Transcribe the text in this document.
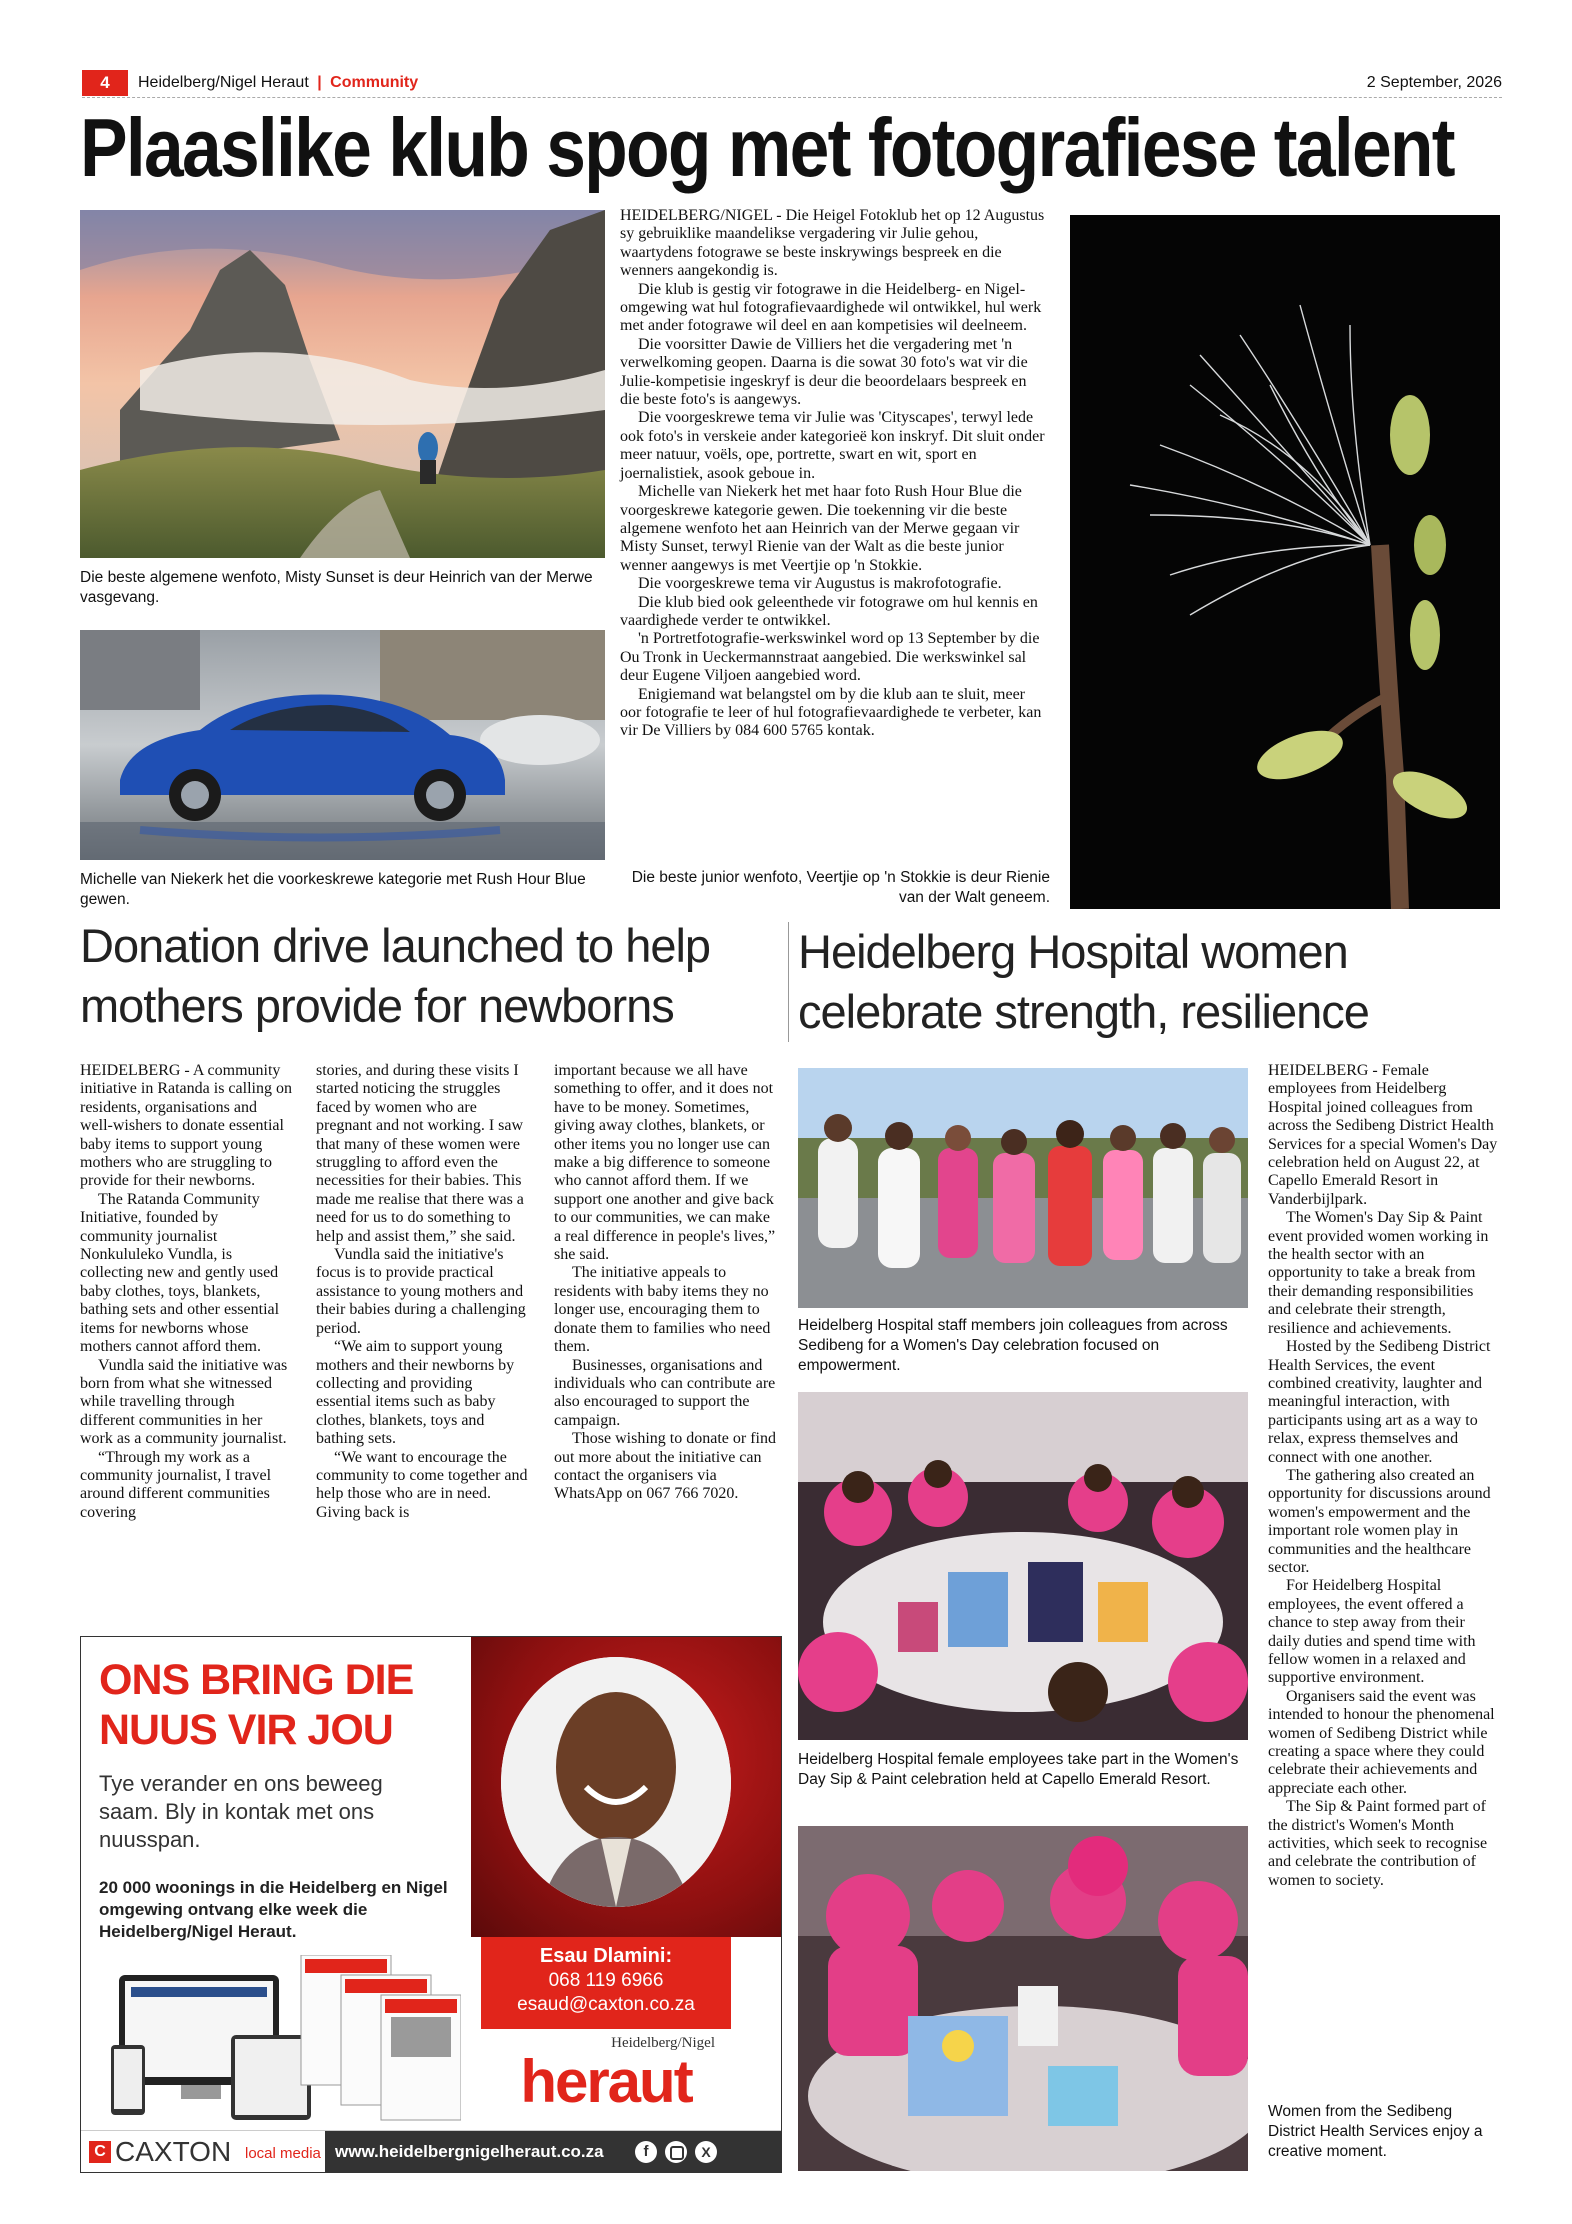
4	Heidelberg/Nigel Heraut | Community	2 September, 2026
Plaaslike klub spog met fotografiese talent
Die beste algemene wenfoto, Misty Sunset is deur Heinrich van der Merwe vasgevang.
Michelle van Niekerk het die voorkeskrewe kategorie met Rush Hour Blue gewen.

HEIDELBERG/NIGEL - Die Heigel Fotoklub het op 12 Augustus sy gebruiklike maandelikse vergadering vir Julie gehou, waartydens fotograwe se beste inskrywings bespreek en die wenners aangekondig is.

Die klub is gestig vir fotograwe in die Heidelberg- en Nigel-omgewing wat hul fotografievaardighede wil ontwikkel, hul werk met ander fotograwe wil deel en aan kompetisies wil deelneem.

Die voorsitter Dawie de Villiers het die vergadering met 'n verwelkoming geopen. Daarna is die sowat 30 foto's wat vir die Julie-kompetisie ingeskryf is deur die beoordelaars bespreek en die beste foto's is aangewys.

Die voorgeskrewe tema vir Julie was 'Cityscapes', terwyl lede ook foto's in verskeie ander kategorieë kon inskryf. Dit sluit onder meer natuur, voëls, ope, portrette, swart en wit, sport en joernalistiek, asook geboue in.

Michelle van Niekerk het met haar foto Rush Hour Blue die voorgeskrewe kategorie gewen. Die toekenning vir die beste algemene wenfoto het aan Heinrich van der Merwe gegaan vir Misty Sunset, terwyl Rienie van der Walt as die beste junior wenner aangewys is met Veertjie op 'n Stokkie.

Die voorgeskrewe tema vir Augustus is makrofotografie.

Die klub bied ook geleenthede vir fotograwe om hul kennis en vaardighede verder te ontwikkel.

'n Portretfotografie-werkswinkel word op 13 September by die Ou Tronk in Ueckermannstraat aangebied. Die werkswinkel sal deur Eugene Viljoen aangebied word.

Enigiemand wat belangstel om by die klub aan te sluit, meer oor fotografie te leer of hul fotografievaardighede te verbeter, kan vir De Villiers by 084 600 5765 kontak.

Die beste junior wenfoto, Veertjie op 'n Stokkie is deur Rienie van der Walt geneem.
Donation drive launched to help
mothers provide for newborns

HEIDELBERG - A community initiative in Ratanda is calling on residents, organisations and well-wishers to donate essential baby items to support young mothers who are struggling to provide for their newborns.

The Ratanda Community Initiative, founded by community journalist Nonkululeko Vundla, is collecting new and gently used baby clothes, toys, blankets, bathing sets and other essential items for newborns whose mothers cannot afford them.

Vundla said the initiative was born from what she witnessed while travelling through different communities in her work as a community journalist.

“Through my work as a community journalist, I travel around different communities covering

stories, and during these visits I started noticing the struggles faced by women who are pregnant and not working. I saw that many of these women were struggling to afford even the necessities for their babies. This made me realise that there was a need for us to do something to help and assist them,” she said.

Vundla said the initiative's focus is to provide practical assistance to young mothers and their babies during a challenging period.

“We aim to support young mothers and their newborns by collecting and providing essential items such as baby clothes, blankets, toys and bathing sets.

“We want to encourage the community to come together and help those who are in need. Giving back is

important because we all have something to offer, and it does not have to be money. Sometimes, giving away clothes, blankets, or other items you no longer use can make a big difference to someone who cannot afford them. If we support one another and give back to our communities, we can make a real difference in people's lives,” she said.

The initiative appeals to residents with baby items they no longer use, encouraging them to donate them to families who need them.

Businesses, organisations and individuals who can contribute are also encouraged to support the campaign.

Those wishing to donate or find out more about the initiative can contact the organisers via WhatsApp on 067 766 7020.

Heidelberg Hospital women
celebrate strength, resilience
Heidelberg Hospital staff members join colleagues from across Sedibeng for a Women's Day celebration focused on empowerment.
Heidelberg Hospital female employees take part in the Women's Day Sip & Paint celebration held at Capello Emerald Resort.

HEIDELBERG - Female employees from Heidelberg Hospital joined colleagues from across the Sedibeng District Health Services for a special Women's Day celebration held on August 22, at Capello Emerald Resort in Vanderbijlpark.

The Women's Day Sip & Paint event provided women working in the health sector with an opportunity to take a break from their demanding responsibilities and celebrate their strength, resilience and achievements.

Hosted by the Sedibeng District Health Services, the event combined creativity, laughter and meaningful interaction, with participants using art as a way to relax, express themselves and connect with one another.

The gathering also created an opportunity for discussions around women's empowerment and the important role women play in communities and the healthcare sector.

For Heidelberg Hospital employees, the event offered a chance to step away from their daily duties and spend time with fellow women in a relaxed and supportive environment.

Organisers said the event was intended to honour the phenomenal women of Sedibeng District while creating a space where they could celebrate their achievements and appreciate each other.

The Sip & Paint formed part of the district's Women's Month activities, which seek to recognise and celebrate the contribution of women to society.

Women from the Sedibeng District Health Services enjoy a creative moment.
ONS BRING DIE
NUUS VIR JOU
Tye verander en ons beweeg saam. Bly in kontak met ons nuusspan.
20 000 woonings in die Heidelberg en Nigel omgewing ontvang elke week die Heidelberg/Nigel Heraut.
Esau Dlamini:
068 119 6966
esaud@caxton.co.za
Heidelberg/Nigel
heraut
C CAXTON local media www.heidelbergnigelheraut.co.za	f	X
